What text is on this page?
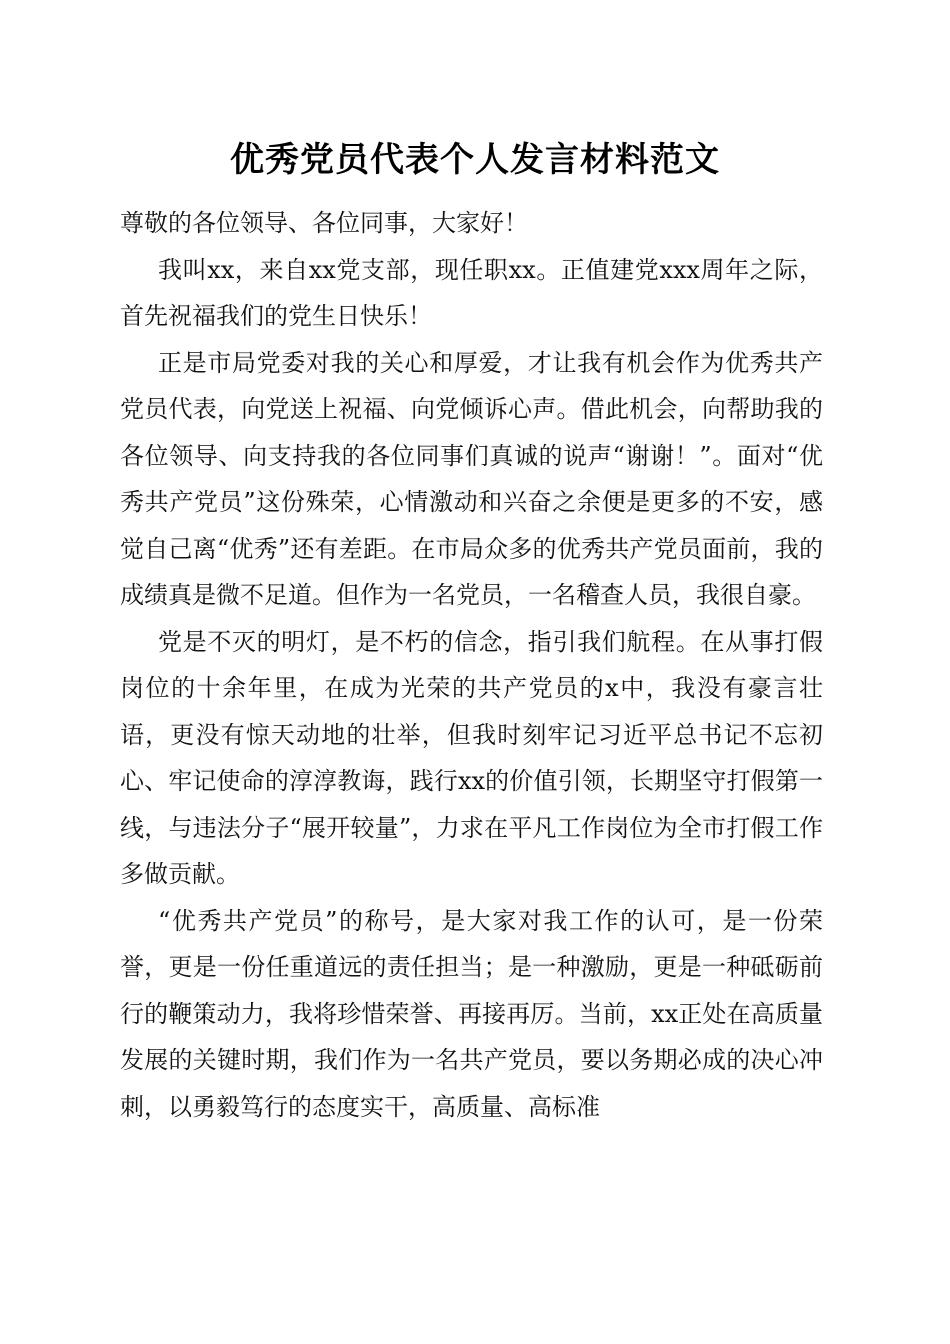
优秀党员代表个人发言材料范文

尊敬的各位领导、各位同事，大家好！

我叫xx，来自xx党支部，现任职xx。正值建党xxx周年之际，首先祝福我们的党生日快乐！

正是市局党委对我的关心和厚爱，才让我有机会作为优秀共产党员代表，向党送上祝福、向党倾诉心声。借此机会，向帮助我的各位领导、向支持我的各位同事们真诚的说声“谢谢！”。面对“优秀共产党员”这份殊荣，心情激动和兴奋之余便是更多的不安，感觉自己离“优秀”还有差距。在市局众多的优秀共产党员面前，我的成绩真是微不足道。但作为一名党员，一名稽查人员，我很自豪。

党是不灭的明灯，是不朽的信念，指引我们航程。在从事打假岗位的十余年里，在成为光荣的共产党员的x中，我没有豪言壮语，更没有惊天动地的壮举，但我时刻牢记习近平总书记不忘初心、牢记使命的淳淳教诲，践行xx的价值引领，长期坚守打假第一线，与违法分子“展开较量”，力求在平凡工作岗位为全市打假工作多做贡献。

“优秀共产党员”的称号，是大家对我工作的认可，是一份荣誉，更是一份任重道远的责任担当；是一种激励，更是一种砥砺前行的鞭策动力，我将珍惜荣誉、再接再厉。当前，xx正处在高质量发展的关键时期，我们作为一名共产党员，要以务期必成的决心冲刺，以勇毅笃行的态度实干，高质量、高标准
